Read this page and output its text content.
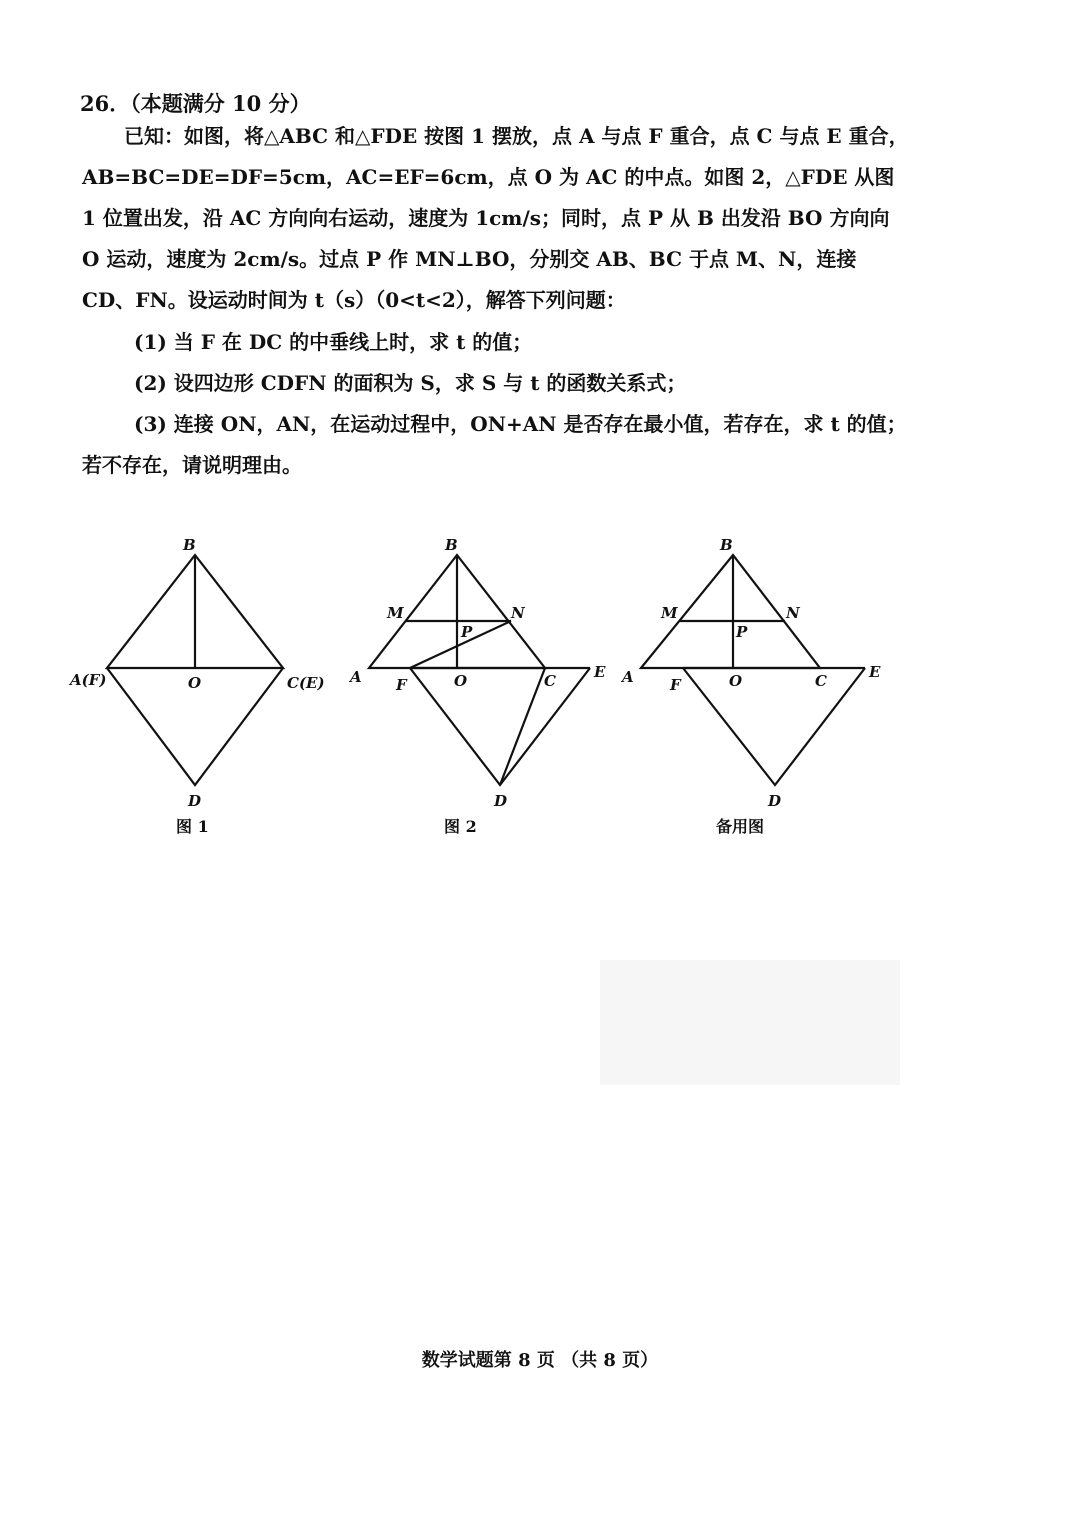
26．（本题满分 10 分）
已知：如图，将△ABC 和△FDE 按图 1 摆放，点 A 与点 F 重合，点 C 与点 E 重合，AB=BC=DE=DF=5cm，AC=EF=6cm，点 O 为 AC 的中点。如图 2，△FDE 从图 1 位置出发，沿 AC 方向向右运动，速度为 1cm/s；同时，点 P 从 B 出发沿 BO 方向向 O 运动，速度为 2cm/s。过点 P 作 MN⊥BO，分别交 AB、BC 于点 M、N，连接 CD、FN。设运动时间为 t（s）（0<t<2），解答下列问题：
(1) 当 F 在 DC 的中垂线上时，求 t 的值；
(2) 设四边形 CDFN 的面积为 S，求 S 与 t 的函数关系式；
(3) 连接 ON，AN，在运动过程中，ON+AN 是否存在最小值，若存在，求 t 的值；
若不存在，请说明理由。
B
A(F)	O	C(E)
D
图 1
B
M	N
P
A F	O	C	E
D
图 2
B
M	N
P
A F	O	C	E
D
备用图
数学试题第 8 页 （共 8 页）
